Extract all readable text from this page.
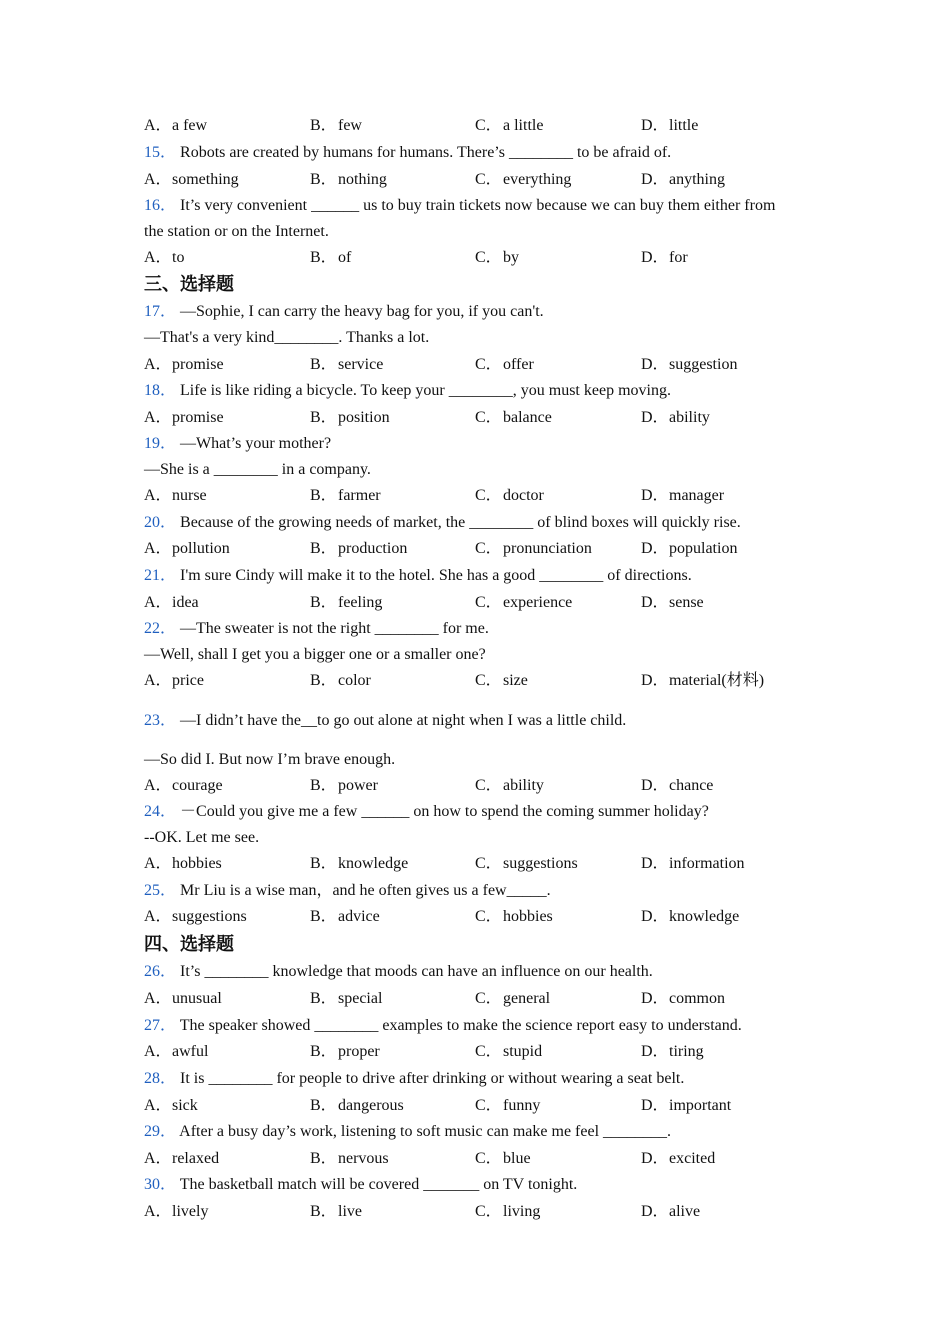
A．a few	B．few	C．a little	D．little
15． Robots are created by humans for humans. There’s ________ to be afraid of.
A．something	B．nothing	C．everything	D．anything
16． It’s very convenient ______ us to buy train tickets now because we can buy them either from
the station or on the Internet.
A．to	B．of	C．by	D．for
三、选择题
17． —Sophie, I can carry the heavy bag for you, if you can't.
—That's a very kind________. Thanks a lot.
A．promise	B．service	C．offer	D．suggestion
18． Life is like riding a bicycle. To keep your ________, you must keep moving.
A．promise	B．position	C．balance	D．ability
19． —What’s your mother?
—She is a ________ in a company.
A．nurse	B．farmer	C．doctor	D．manager
20． Because of the growing needs of market, the ________ of blind boxes will quickly rise.
A．pollution	B．production	C．pronunciation	D．population
21． I'm sure Cindy will make it to the hotel. She has a good ________ of directions.
A．idea	B．feeling	C．experience	D．sense
22． —The sweater is not the right ________ for me.
—Well, shall I get you a bigger one or a smaller one?
A．price	B．color	C．size	D．material(材料)
23． —I didn’t have the__to go out alone at night when I was a little child.
—So did I. But now I’m brave enough.
A．courage	B．power	C．ability	D．chance
24． －Could you give me a few ______ on how to spend the coming summer holiday?
--OK. Let me see.
A．hobbies	B．knowledge	C．suggestions	D．information
25． Mr Liu is a wise man，and he often gives us a few_____.
A．suggestions	B．advice	C．hobbies	D．knowledge
四、选择题
26． It’s ________ knowledge that moods can have an influence on our health.
A．unusual	B．special	C．general	D．common
27． The speaker showed ________ examples to make the science report easy to understand.
A．awful	B．proper	C．stupid	D．tiring
28． It is ________ for people to drive after drinking or without wearing a seat belt.
A．sick	B．dangerous	C．funny	D．important
29． After a busy day’s work, listening to soft music can make me feel ________.
A．relaxed	B．nervous	C．blue	D．excited
30． The basketball match will be covered _______ on TV tonight.
A．lively	B．live	C．living	D．alive
